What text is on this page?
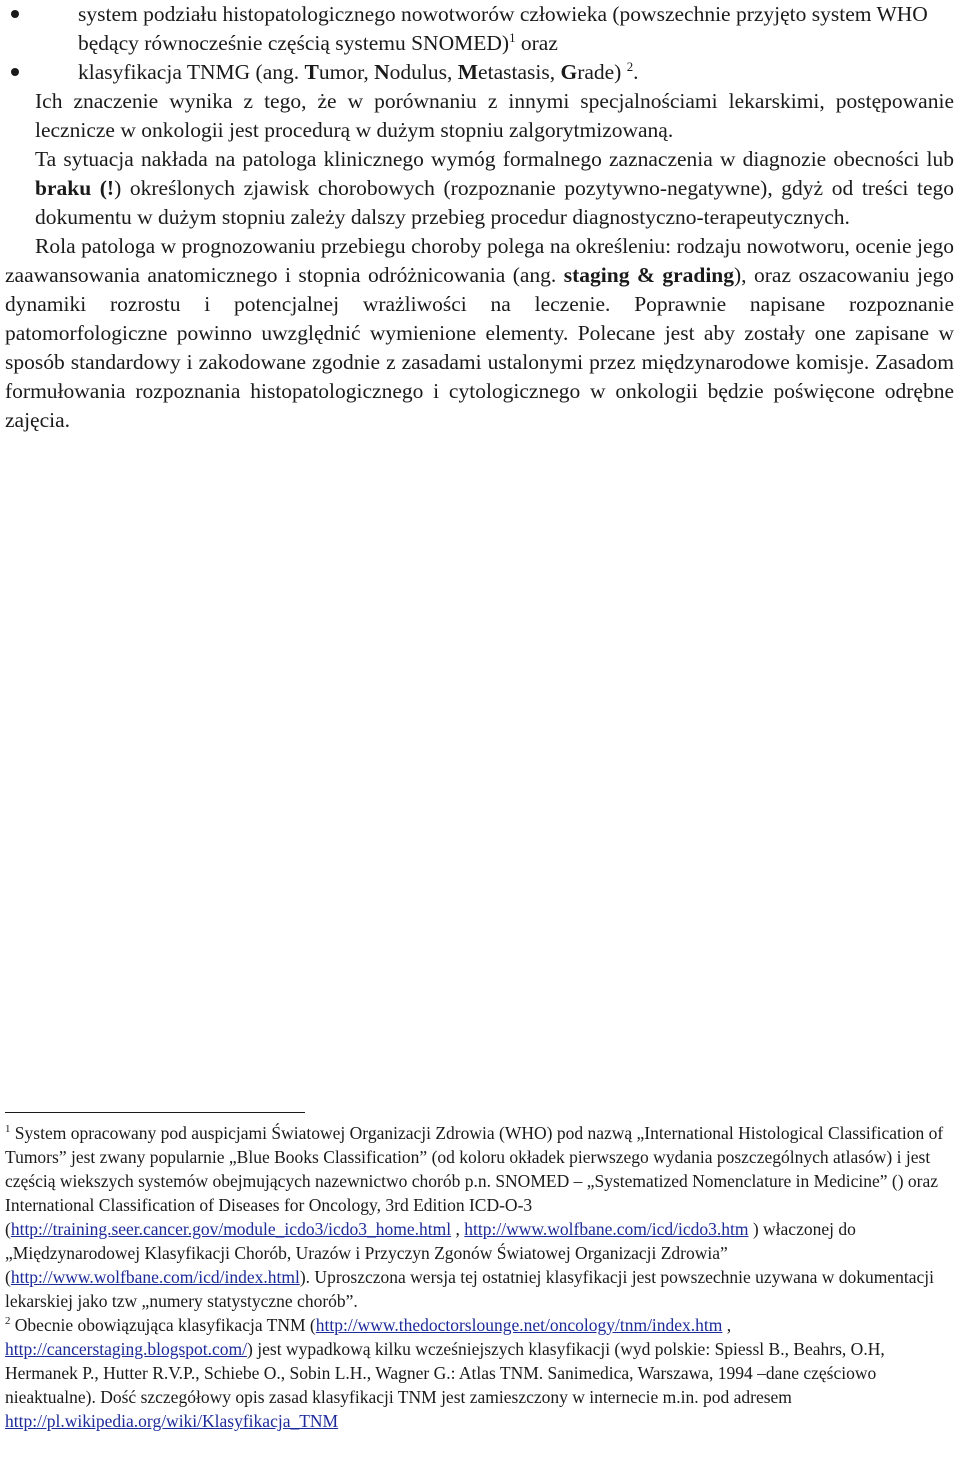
system podziału histopatologicznego nowotworów człowieka (powszechnie przyjęto system WHO będący równocześnie częścią systemu SNOMED)$^1$ oraz
klasyfikacja TNMG (ang. Tumor, Nodulus, Metastasis, Grade) $^2$.

Ich znaczenie wynika z tego, że w porównaniu z innymi specjalnościami lekarskimi, postępowanie lecznicze w onkologii jest procedurą w dużym stopniu zalgorytmizowaną.

Ta sytuacja nakłada na patologa klinicznego wymóg formalnego zaznaczenia w diagnozie obecności lub braku (!) określonych zjawisk chorobowych (rozpoznanie pozytywno-negatywne), gdyż od treści tego dokumentu w dużym stopniu zależy dalszy przebieg procedur diagnostyczno-terapeutycznych.

Rola patologa w prognozowaniu przebiegu choroby polega na określeniu: rodzaju nowotworu, ocenie jego zaawansowania anatomicznego i stopnia odróżnicowania (ang. staging & grading), oraz oszacowaniu jego dynamiki rozrostu i potencjalnej wrażliwości na leczenie. Poprawnie napisane rozpoznanie patomorfologiczne powinno uwzględnić wymienione elementy. Polecane jest aby zostały one zapisane w sposób standardowy i zakodowane zgodnie z zasadami ustalonymi przez międzynarodowe komisje. Zasadom formułowania rozpoznania histopatologicznego i cytologicznego w onkologii będzie poświęcone odrębne zajęcia.

$^1$ System opracowany pod auspicjami Światowej Organizacji Zdrowia (WHO) pod nazwą „International Histological Classification of Tumors” jest zwany popularnie „Blue Books Classification” (od koloru okładek pierwszego wydania poszczególnych atlasów) i jest częścią wiekszych systemów obejmujących nazewnictwo chorób p.n. SNOMED – „Systematized Nomenclature in Medicine” () oraz International Classification of Diseases for Oncology, 3rd Edition ICD-O-3 (http://training.seer.cancer.gov/module_icdo3/icdo3_home.html , http://www.wolfbane.com/icd/icdo3.htm ) właczonej do „Międzynarodowej Klasyfikacji Chorób, Urazów i Przyczyn Zgonów Światowej Organizacji Zdrowia” (http://www.wolfbane.com/icd/index.html). Uproszczona wersja tej ostatniej klasyfikacji jest powszechnie uzywana w dokumentacji lekarskiej jako tzw „numery statystyczne chorób”.

$^2$ Obecnie obowiązująca klasyfikacja TNM (http://www.thedoctorslounge.net/oncology/tnm/index.htm , http://cancerstaging.blogspot.com/) jest wypadkową kilku wcześniejszych klasyfikacji (wyd polskie: Spiessl B., Beahrs, O.H, Hermanek P., Hutter R.V.P., Schiebe O., Sobin L.H., Wagner G.: Atlas TNM. Sanimedica, Warszawa, 1994 –dane częściowo nieaktualne). Dość szczegółowy opis zasad klasyfikacji TNM jest zamieszczony w internecie m.in. pod adresem http://pl.wikipedia.org/wiki/Klasyfikacja_TNM
